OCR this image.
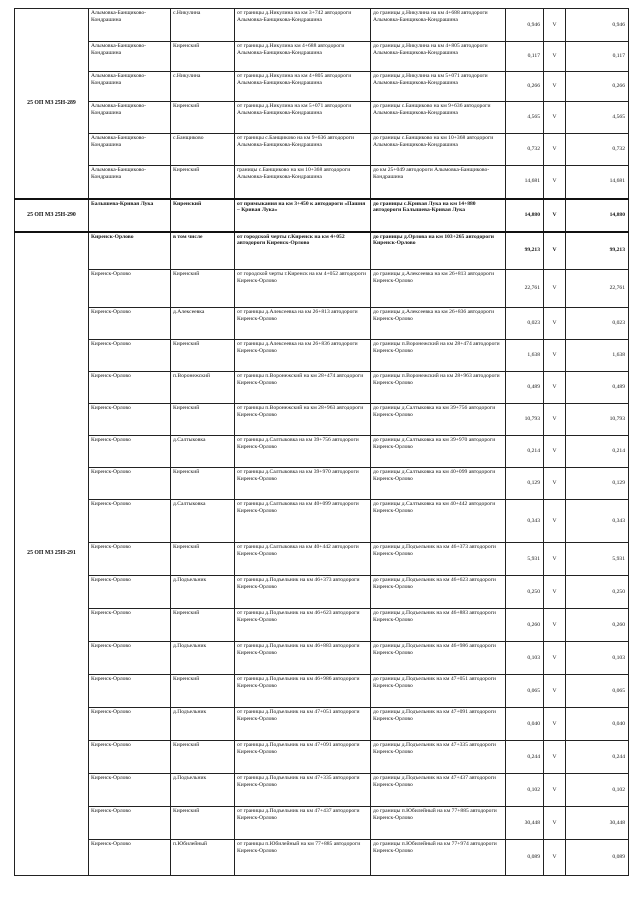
25 ОП МЗ 25Н-289	Алымовка-Банщиково-Кондрашина	с.Никулина	от границы д.Никулина на км 3+742 автодороги Алымовка-Банщикова-Кондрашина	до границы д.Никулина на км 4+688 автодороги Алымовка-Банщикова-Кондрашина	0,946	V	0,946
	Алымовка-Банщиково-Кондрашина	Киренский	от границы д.Никулина км 4+688 автодороги Алымовка-Банщикова-Кондрашина	до границы д.Никулина на км 4+805 автодороги Алымовка-Банщикова-Кондрашина	0,117	V	0,117
	Алымовка-Банщиково-Кондрашина	с.Никулина	от границы д.Никулина на км 4+805 автодороги Алымовка-Банщикова-Кондрашина	до границы д.Никулина на км 5+071 автодороги Алымовка-Банщикова-Кондрашина	0,266	V	0,266
	Алымовка-Банщиково-Кондрашина	Киренский	от границы д.Никулина на км 5+071 автодороги Алымовка-Банщикова-Кондрашина	до границы с.Банщиково на км 9+636 автодороги Алымовка-Банщикова-Кондрашина	4,565	V	4,565
	Алымовка-Банщиково-Кондрашина	с.Банщиково	от границы с.Банщиково на км 9+636 автодороги Алымовка-Банщикова-Кондрашина	до границы с.Банщиково на км 10+368 автодороги Алымовка-Банщикова-Кондрашина	0,732	V	0,732
	Алымовка-Банщиково-Кондрашина	Киренский	границы с.Банщиково на км 10+368 автодороги Алымовка-Банщикова-Кондрашина	до км 25+049 автодороги Алымовка-Банщиково-Кондрашина	14,681	V	14,681
25 ОП МЗ 25Н-290	Балышева-Кривая Лука	Киренский	от примыкания на км 3+450 к автодороги «Пашня – Кривая Лука»	до границы с.Кривая Лука на км 14+880 автодороги Балышева-Кривая Лука	14,880	V	14,880
25 ОП МЗ 25Н-291	Киренск-Орлово	в том числе	от городской черты г.Киренск на км 4+052 автодороги Киренск-Орлово	до границы д.Орлова на км 103+265 автодороги Киренск-Орлово	99,213	V	99,213
	Киренск-Орлово	Киренский	от городской черты г.Киренск на км 4+052 автодороги Киренск-Орлово	до границы д.Алексеевка на км 26+813 автодороги Киренск-Орлово	22,761	V	22,761
	Киренск-Орлово	д.Алексеевка	от границы д.Алексеевка на км 26+813 автодороги Киренск-Орлово	до границы д.Алексеевка на км 26+836 автодороги Киренск-Орлово	0,023	V	0,023
	Киренск-Орлово	Киренский	от границы д.Алексеевка на км 26+836 автодороги Киренск-Орлово	до границы п.Воронежский на км 28+474 автодороги Киренск-Орлово	1,638	V	1,638
	Киренск-Орлово	п.Воронежский	от границы п.Воронежский на км 28+474 автодороги Киренск-Орлово	до границы п.Воронежский на км 28+963 автодороги Киренск-Орлово	0,489	V	0,489
	Киренск-Орлово	Киренский	от границы п.Воронежский на км 28+963 автодороги Киренск-Орлово	до границы д.Салтыковка на км 39+756 автодороги Киренск-Орлово	10,793	V	10,793
	Киренск-Орлово	д.Салтыковка	от границы д.Салтыковка на км 39+756 автодороги Киренск-Орлово	до границы д.Салтыковка на км 39+970 автодороги Киренск-Орлово	0,214	V	0,214
	Киренск-Орлово	Киренский	от границы д.Салтыковка на км 39+970 автодороги Киренск-Орлово	до границы д.Салтыковка на км 40+099 автодороги Киренск-Орлово	0,129	V	0,129
	Киренск-Орлово	д.Салтыковка	от границы д.Салтыковка на км 40+099 автодороги Киренск-Орлово	до границы д.Салтыковка на км 40+442 автодороги Киренск-Орлово	0,343	V	0,343
	Киренск-Орлово	Киренский	от границы д.Салтыковка на км 40+442 автодороги Киренск-Орлово	до границы д.Подъельник на км 46+373 автодороги Киренск-Орлово	5,931	V	5,931
	Киренск-Орлово	д.Подъельник	от границы д.Подъельник на км 46+373 автодороги Киренск-Орлово	до границы д.Подъельник на км 46+623 автодороги Киренск-Орлово	0,250	V	0,250
	Киренск-Орлово	Киренский	от границы д.Подъельник на км 46+623 автодороги Киренск-Орлово	до границы д.Подъельник на км 46+883 автодороги Киренск-Орлово	0,260	V	0,260
	Киренск-Орлово	д.Подъельник	от границы д.Подъельник на км 46+883 автодороги Киренск-Орлово	до границы д.Подъельник на км 46+986 автодороги Киренск-Орлово	0,103	V	0,103
	Киренск-Орлово	Киренский	от границы д.Подъельник на км 46+986 автодороги Киренск-Орлово	до границы д.Подъельник на км 47+051 автодороги Киренск-Орлово	0,065	V	0,065
	Киренск-Орлово	д.Подъельник	от границы д.Подъельник на км 47+051 автодороги Киренск-Орлово	до границы д.Подъельник на км 47+091 автодороги Киренск-Орлово	0,040	V	0,040
	Киренск-Орлово	Киренский	от границы д.Подъельник на км 47+091 автодороги Киренск-Орлово	до границы д.Подъельник на км 47+335 автодороги Киренск-Орлово	0,244	V	0,244
	Киренск-Орлово	д.Подъельник	от границы д.Подъельник на км 47+335 автодороги Киренск-Орлово	до границы д.Подъельник на км 47+437 автодороги Киренск-Орлово	0,102	V	0,102
	Киренск-Орлово	Киренский	от границы д.Подъельник на км 47+437 автодороги Киренск-Орлово	до границы п.Юбилейный на км 77+885 автодороги Киренск-Орлово	30,448	V	30,448
	Киренск-Орлово	п.Юбилейный	от границы п.Юбилейный на км 77+885 автодороги Киренск-Орлово	до границы п.Юбилейный на км 77+974 автодороги Киренск-Орлово	0,089	V	0,089
